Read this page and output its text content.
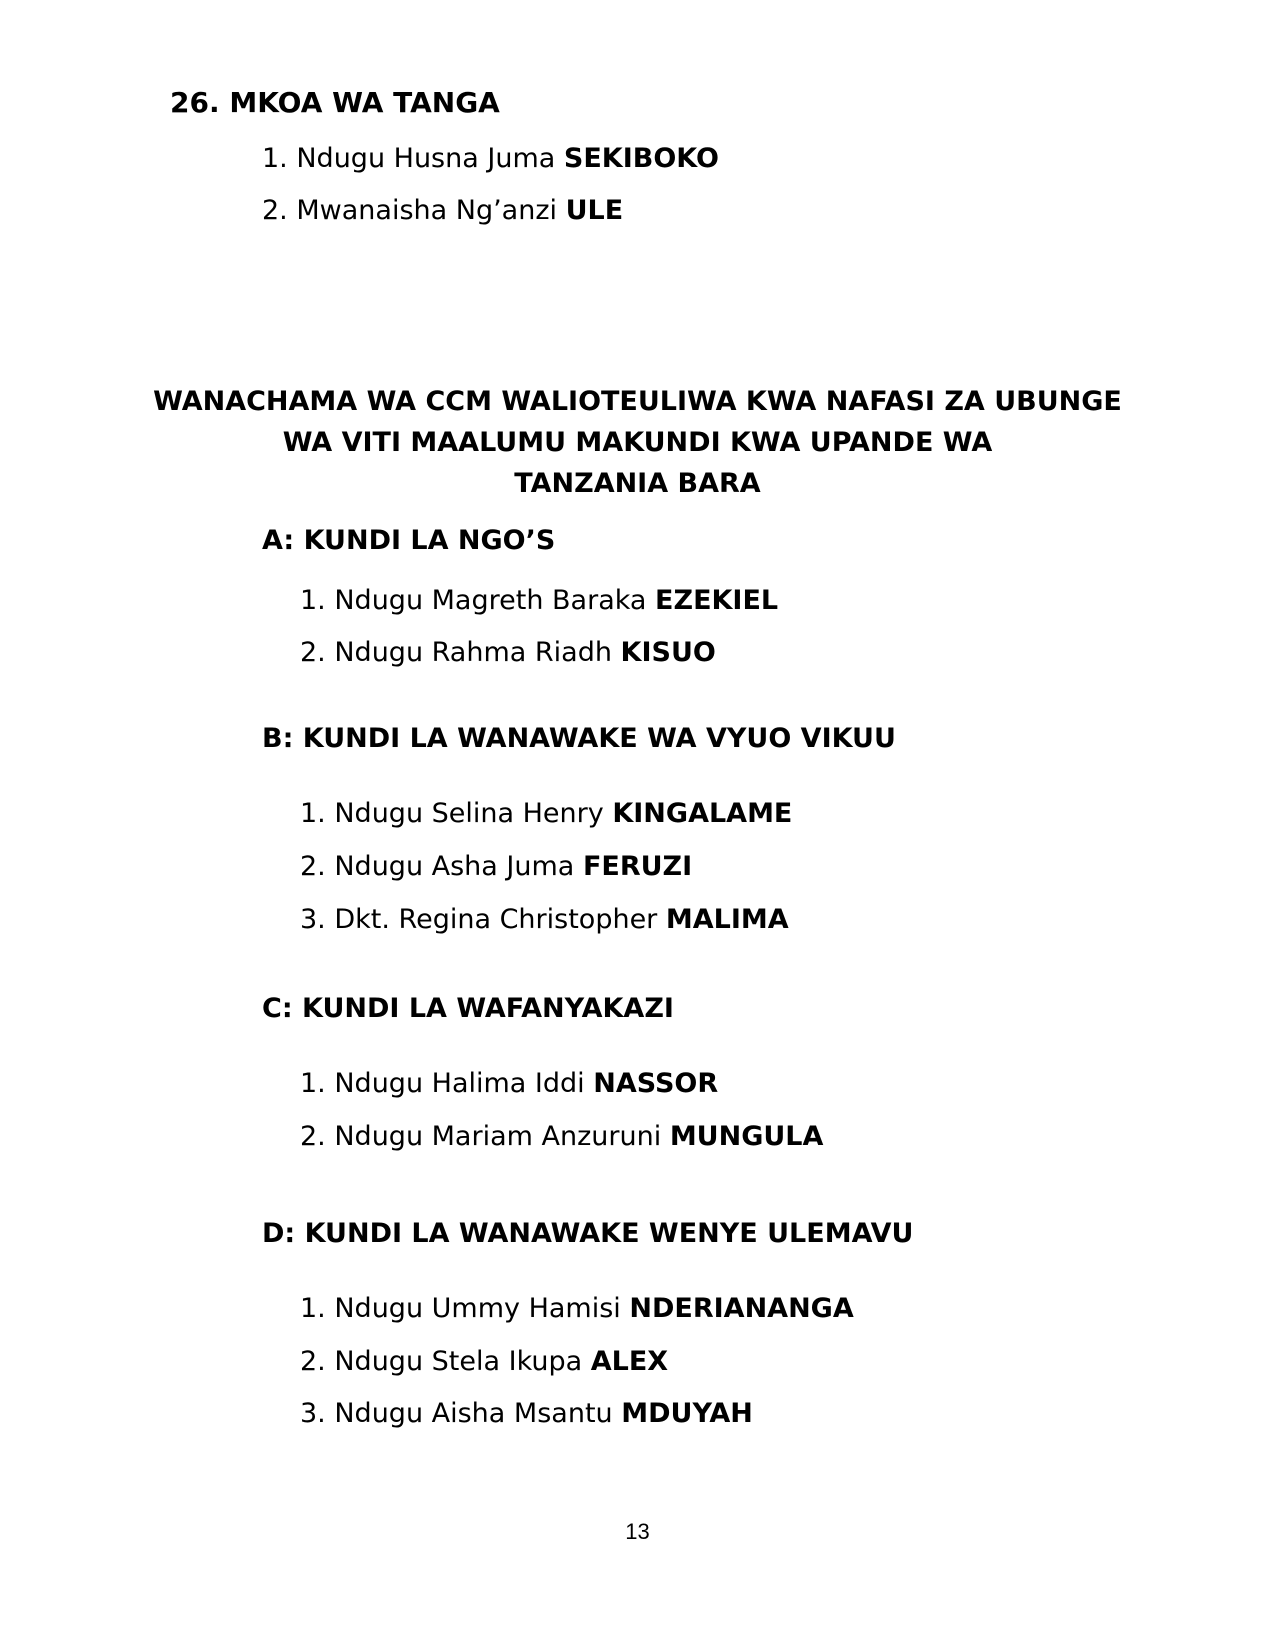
26. MKOA WA TANGA
1. Ndugu Husna Juma SEKIBOKO
2. Mwanaisha Ng’anzi ULE
WANACHAMA WA CCM WALIOTEULIWA KWA NAFASI ZA UBUNGE
WA VITI MAALUMU MAKUNDI KWA UPANDE WA
TANZANIA BARA
A: KUNDI LA NGO’S
1. Ndugu Magreth Baraka EZEKIEL
2. Ndugu Rahma Riadh KISUO
B: KUNDI LA WANAWAKE WA VYUO VIKUU
1. Ndugu Selina Henry KINGALAME
2. Ndugu Asha Juma FERUZI
3. Dkt. Regina Christopher MALIMA
C: KUNDI LA WAFANYAKAZI
1. Ndugu Halima Iddi NASSOR
2. Ndugu Mariam Anzuruni MUNGULA
D: KUNDI LA WANAWAKE WENYE ULEMAVU
1. Ndugu Ummy Hamisi NDERIANANGA
2. Ndugu Stela Ikupa ALEX
3. Ndugu Aisha Msantu MDUYAH
13
